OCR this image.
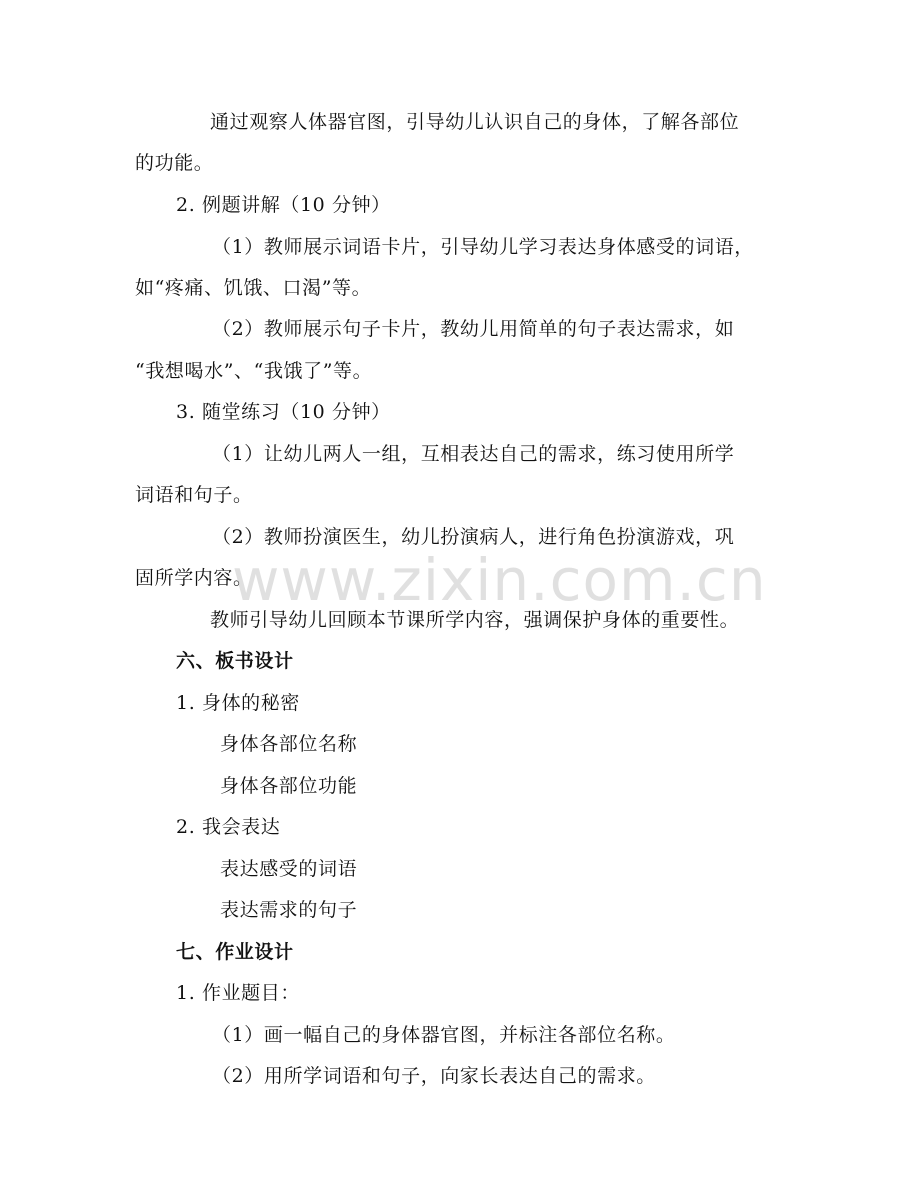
通过观察人体器官图，引导幼儿认识自己的身体，了解各部位
的功能。
2. 例题讲解（10 分钟）
（1）教师展示词语卡片，引导幼儿学习表达身体感受的词语，
如“疼痛、饥饿、口渴”等。
（2）教师展示句子卡片，教幼儿用简单的句子表达需求，如
“我想喝水”、“我饿了”等。
3. 随堂练习（10 分钟）
（1）让幼儿两人一组，互相表达自己的需求，练习使用所学
词语和句子。
（2）教师扮演医生，幼儿扮演病人，进行角色扮演游戏，巩
固所学内容。
教师引导幼儿回顾本节课所学内容，强调保护身体的重要性。
六、板书设计
1. 身体的秘密
身体各部位名称
身体各部位功能
2. 我会表达
表达感受的词语
表达需求的句子
七、作业设计
1. 作业题目：
（1）画一幅自己的身体器官图，并标注各部位名称。
（2）用所学词语和句子，向家长表达自己的需求。
www.zixin.com.cn
